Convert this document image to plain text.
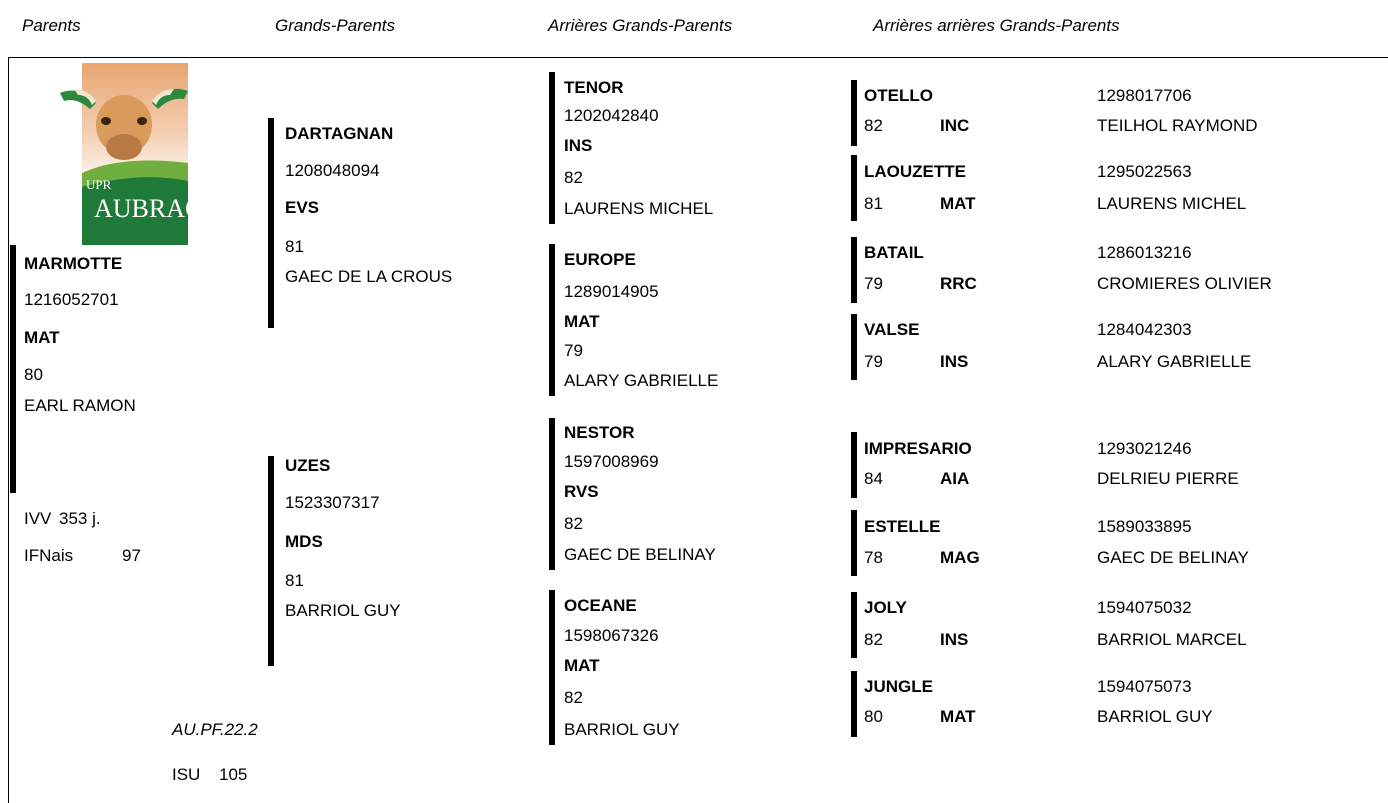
Parents	Grands-Parents	Arrières Grands-Parents	Arrières arrières Grands-Parents
UPR
AUBRAC
MARMOTTE
1216052701
MAT
80
EARL RAMON
IVV 353 j.
IFNais	97
AU.PF.22.2
ISU 105
DARTAGNAN
1208048094
EVS
81
GAEC DE LA CROUS
UZES
1523307317
MDS
81
BARRIOL GUY
TENOR
1202042840
INS
82
LAURENS MICHEL
EUROPE
1289014905
MAT
79
ALARY GABRIELLE
NESTOR
1597008969
RVS
82
GAEC DE BELINAY
OCEANE
1598067326
MAT
82
BARRIOL GUY
OTELLO
82	INC
1298017706
TEILHOL RAYMOND
LAOUZETTE
81	MAT
1295022563
LAURENS MICHEL
BATAIL
79	RRC
1286013216
CROMIERES OLIVIER
VALSE
79	INS
1284042303
ALARY GABRIELLE
IMPRESARIO
84	AIA
1293021246
DELRIEU PIERRE
ESTELLE
78	MAG
1589033895
GAEC DE BELINAY
JOLY
82	INS
1594075032
BARRIOL MARCEL
JUNGLE
80	MAT
1594075073
BARRIOL GUY
